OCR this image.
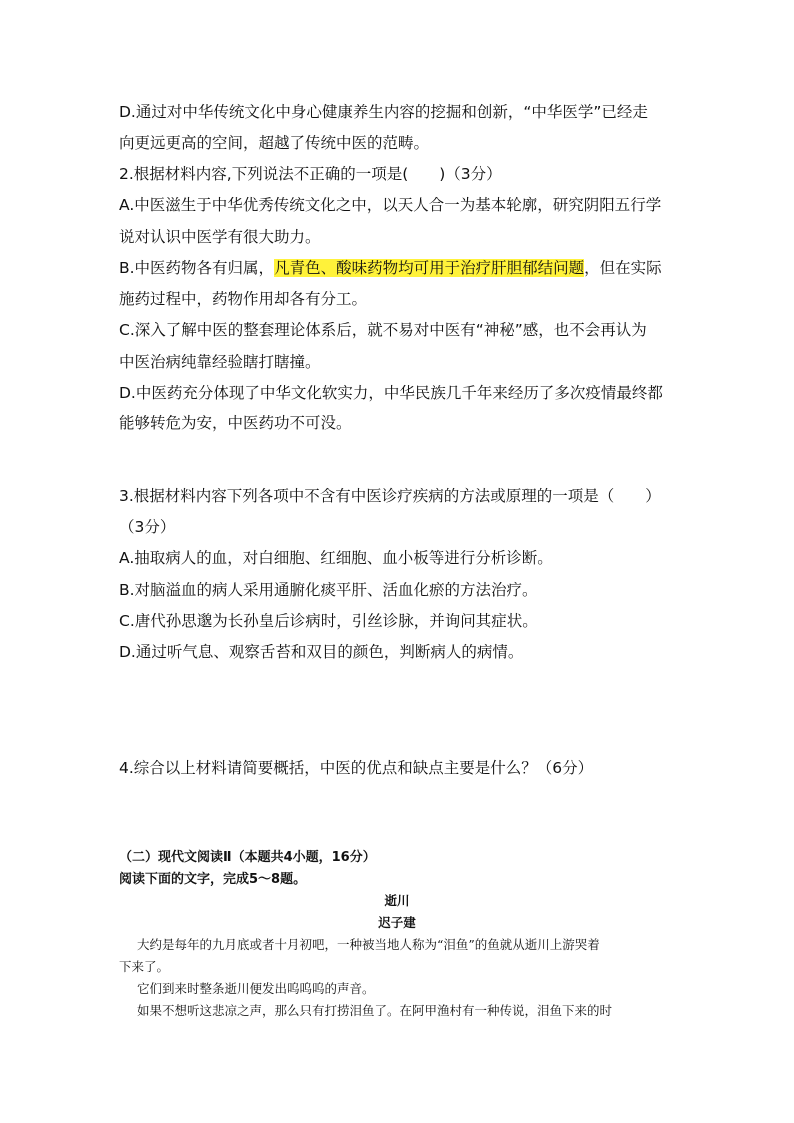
D.通过对中华传统文化中身心健康养生内容的挖掘和创新，“中华医学”已经走
向更远更高的空间，超越了传统中医的范畴。
2.根据材料内容,下列说法不正确的一项是(　　)（3分）
A.中医滋生于中华优秀传统文化之中，以天人合一为基本轮廓，研究阴阳五行学
说对认识中医学有很大助力。
B.中医药物各有归属，凡青色、酸味药物均可用于治疗肝胆郁结问题，但在实际
施药过程中，药物作用却各有分工。
C.深入了解中医的整套理论体系后，就不易对中医有“神秘”感，也不会再认为
中医治病纯靠经验瞎打瞎撞。
D.中医药充分体现了中华文化软实力，中华民族几千年来经历了多次疫情最终都
能够转危为安，中医药功不可没。
3.根据材料内容下列各项中不含有中医诊疗疾病的方法或原理的一项是（　　）
（3分）
A.抽取病人的血，对白细胞、红细胞、血小板等进行分析诊断。
B.对脑溢血的病人采用通腑化痰平肝、活血化瘀的方法治疗。
C.唐代孙思邈为长孙皇后诊病时，引丝诊脉，并询问其症状。
D.通过听气息、观察舌苔和双目的颜色，判断病人的病情。
4.综合以上材料请简要概括，中医的优点和缺点主要是什么？（6分）
（二）现代文阅读Ⅱ（本题共4小题，16分）
阅读下面的文字，完成5～8题。
逝川
迟子建
大约是每年的九月底或者十月初吧，一种被当地人称为“泪鱼”的鱼就从逝川上游哭着
下来了。
它们到来时整条逝川便发出呜呜呜的声音。
如果不想听这悲凉之声，那么只有打捞泪鱼了。在阿甲渔村有一种传说，泪鱼下来的时
